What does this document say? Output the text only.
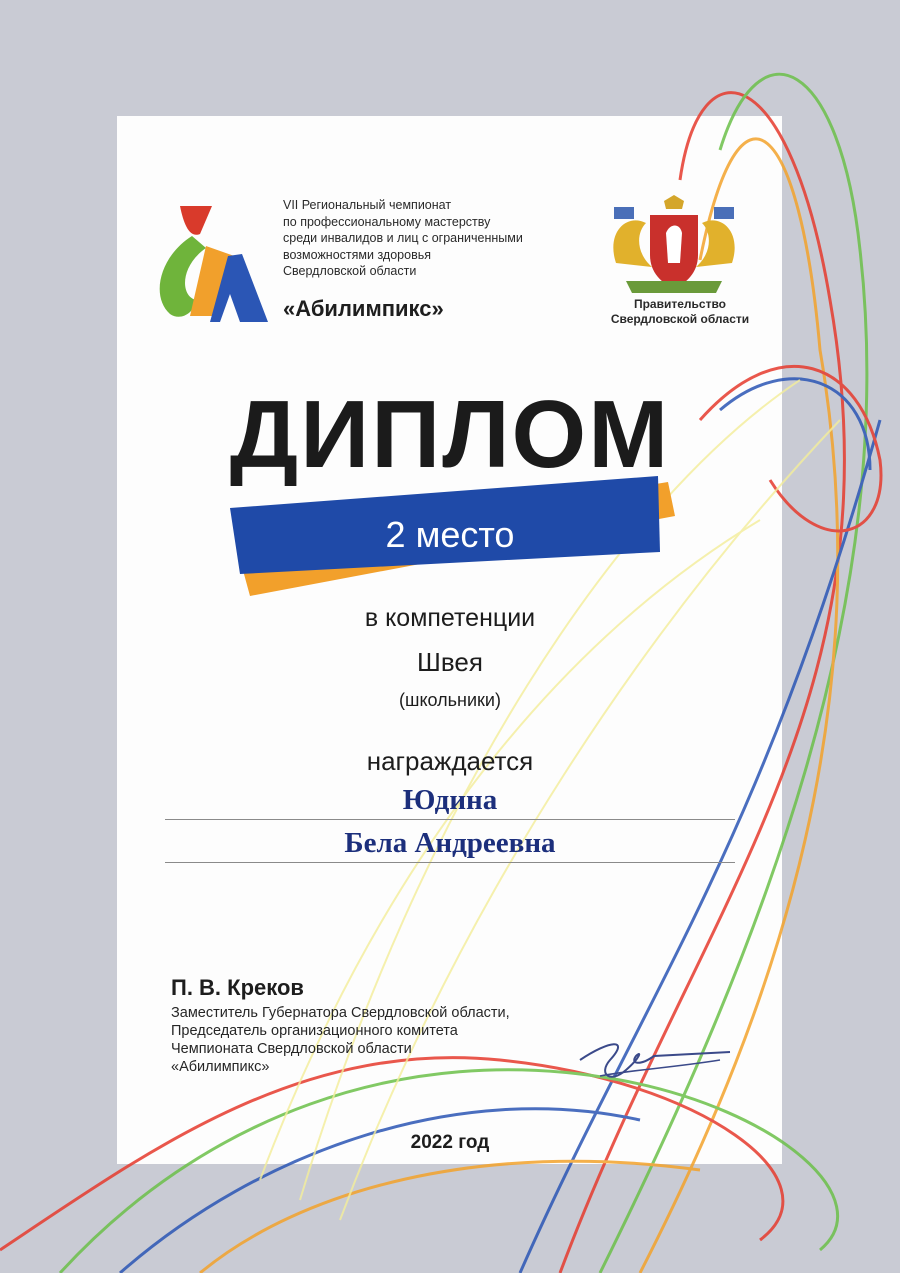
VII Региональный чемпионат
по профессиональному мастерству
среди инвалидов и лиц с ограниченными
возможностями здоровья
Свердловской области
«Абилимпикс»	Правительство
Свердловской области
ДИПЛОМ
2 место
в компетенции
Швея
(школьники)
награждается
Юдина
Бела Андреевна
П. В. Креков
Заместитель Губернатора Свердловской области,
Председатель организационного комитета
Чемпионата Свердловской области
«Абилимпикс»
2022 год
